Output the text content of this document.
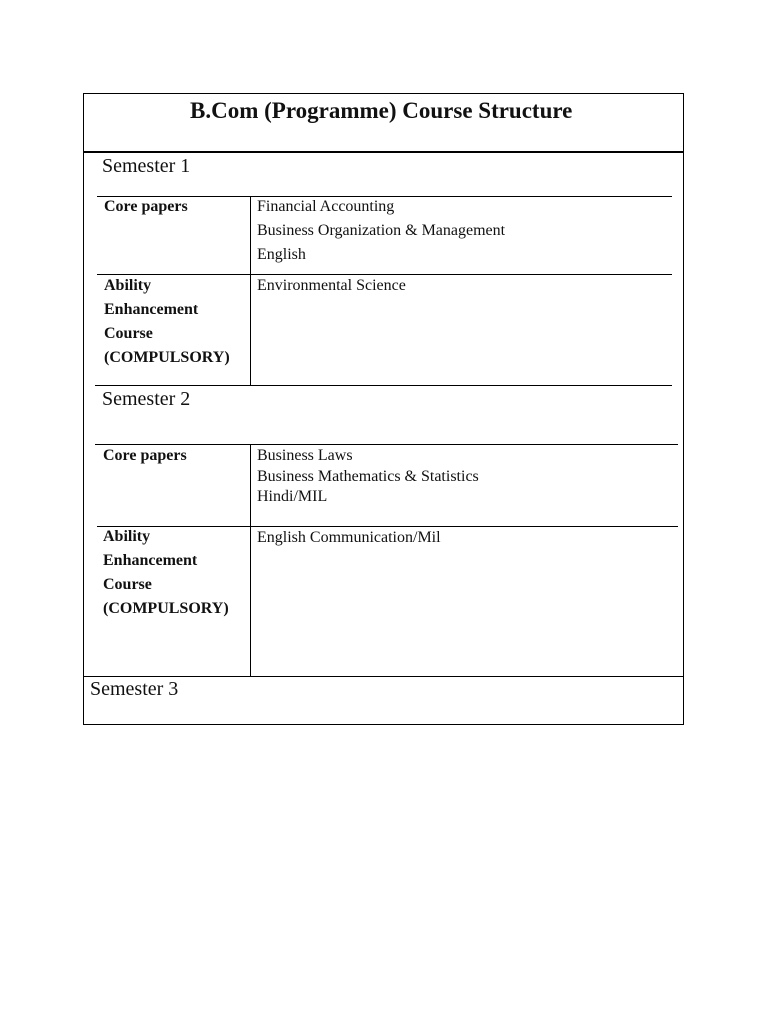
B.Com (Programme) Course Structure
Semester 1
Core papers	Financial Accounting
Business Organization & Management
English
Ability
Enhancement
Course
(COMPULSORY)
Environmental Science
Semester 2
Core papers	Business Laws
Business Mathematics & Statistics
Hindi/MIL
Ability
Enhancement
Course
(COMPULSORY)
English Communication/Mil
Semester 3
